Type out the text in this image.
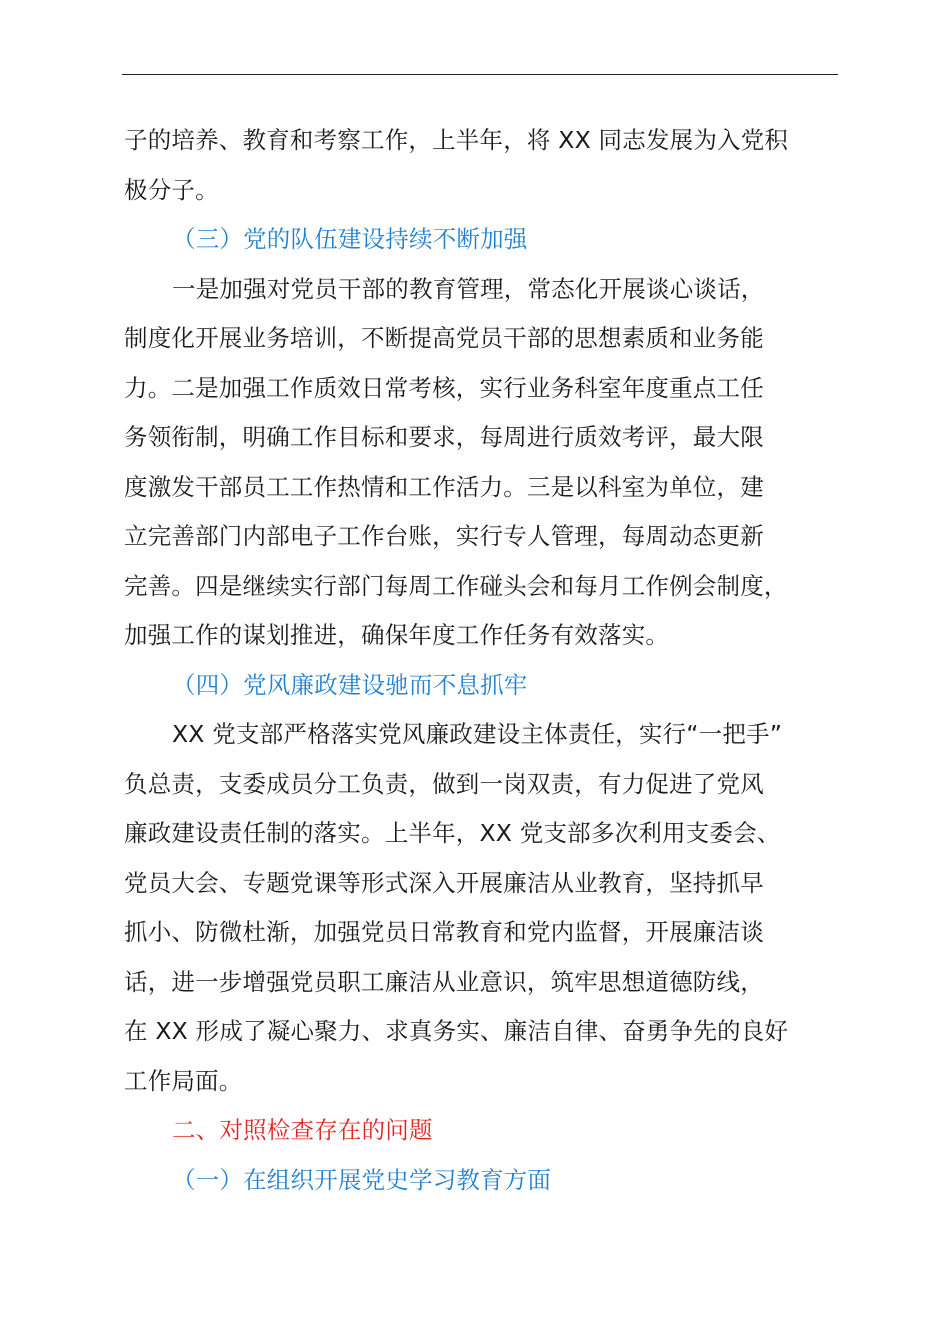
子的培养、教育和考察工作，上半年，将 XX 同志发展为入党积

极分子。

（三）党的队伍建设持续不断加强

一是加强对党员干部的教育管理，常态化开展谈心谈话，

制度化开展业务培训，不断提高党员干部的思想素质和业务能

力。二是加强工作质效日常考核，实行业务科室年度重点工任

务领衔制，明确工作目标和要求，每周进行质效考评，最大限

度激发干部员工工作热情和工作活力。三是以科室为单位，建

立完善部门内部电子工作台账，实行专人管理，每周动态更新

完善。四是继续实行部门每周工作碰头会和每月工作例会制度，

加强工作的谋划推进，确保年度工作任务有效落实。

（四）党风廉政建设驰而不息抓牢

XX 党支部严格落实党风廉政建设主体责任，实行“一把手”

负总责，支委成员分工负责，做到一岗双责，有力促进了党风

廉政建设责任制的落实。上半年，XX 党支部多次利用支委会、

党员大会、专题党课等形式深入开展廉洁从业教育，坚持抓早

抓小、防微杜渐，加强党员日常教育和党内监督，开展廉洁谈

话，进一步增强党员职工廉洁从业意识，筑牢思想道德防线，

在 XX 形成了凝心聚力、求真务实、廉洁自律、奋勇争先的良好

工作局面。

二、对照检查存在的问题

（一）在组织开展党史学习教育方面
